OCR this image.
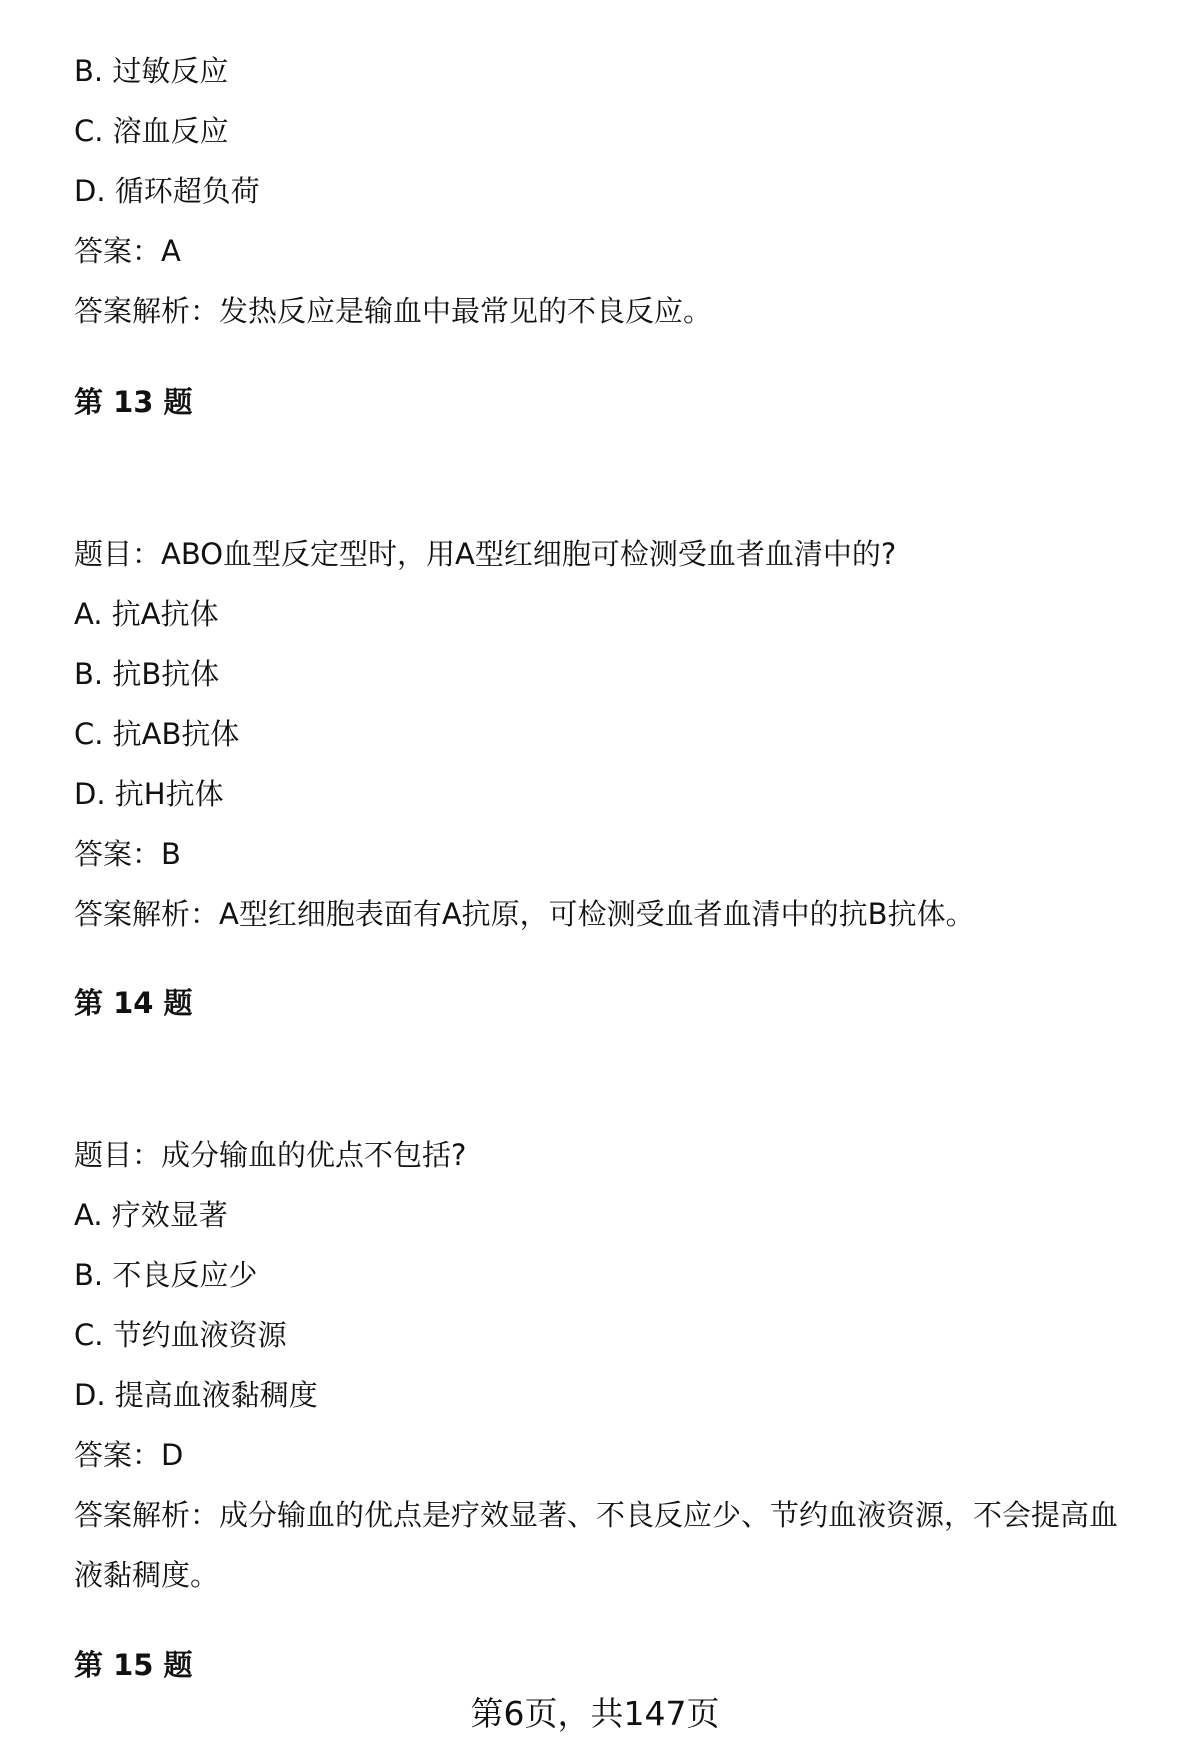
B. 过敏反应
C. 溶血反应
D. 循环超负荷
答案：A
答案解析：发热反应是输血中最常见的不良反应。
第 13 题
题目：ABO血型反定型时，用A型红细胞可检测受血者血清中的?
A. 抗A抗体
B. 抗B抗体
C. 抗AB抗体
D. 抗H抗体
答案：B
答案解析：A型红细胞表面有A抗原，可检测受血者血清中的抗B抗体。
第 14 题
题目：成分输血的优点不包括?
A. 疗效显著
B. 不良反应少
C. 节约血液资源
D. 提高血液黏稠度
答案：D
答案解析：成分输血的优点是疗效显著、不良反应少、节约血液资源，不会提高血
液黏稠度。
第 15 题
第6页，共147页
